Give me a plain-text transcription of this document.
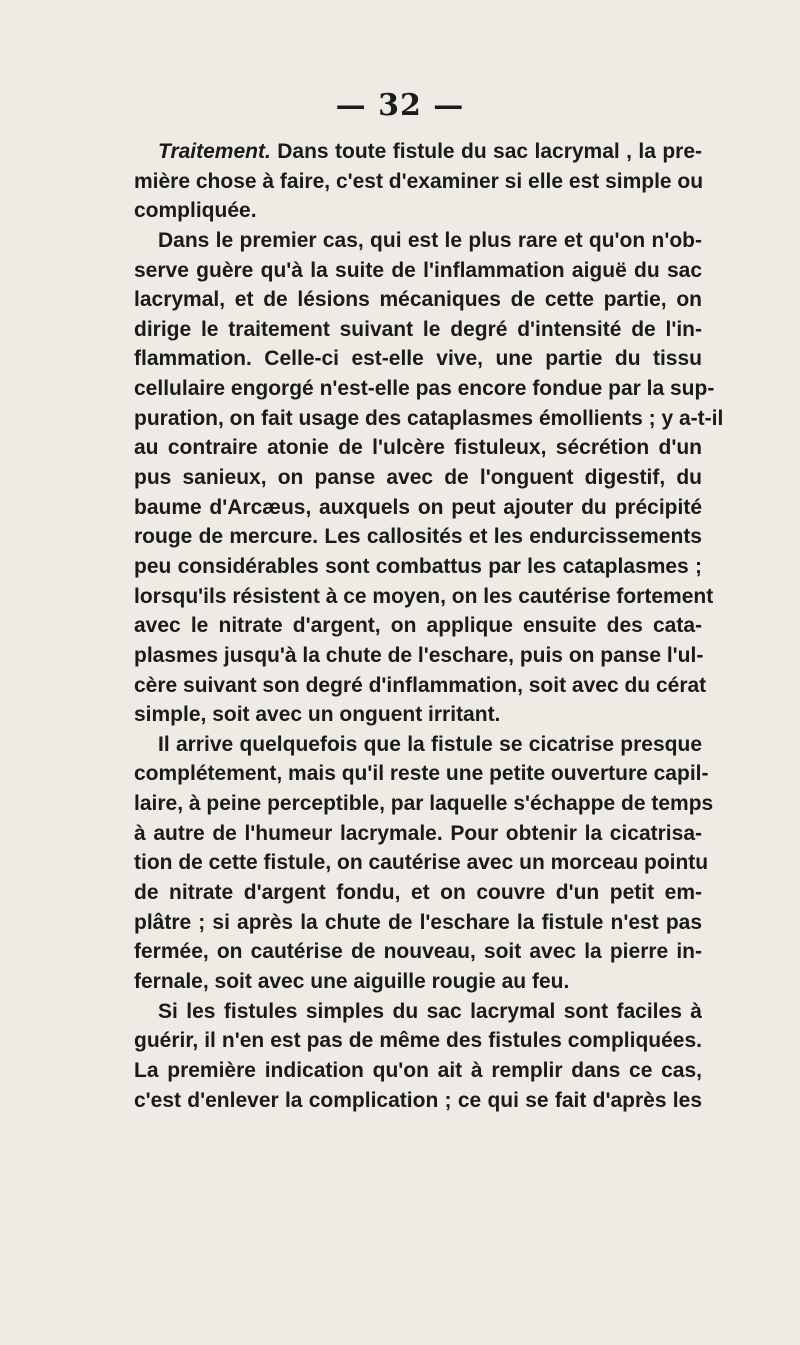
— 32 —
Traitement. Dans toute fistule du sac lacrymal , la pre-
mière chose à faire, c'est d'examiner si elle est simple ou
compliquée.
Dans le premier cas, qui est le plus rare et qu'on n'ob-
serve guère qu'à la suite de l'inflammation aiguë du sac
lacrymal, et de lésions mécaniques de cette partie, on
dirige le traitement suivant le degré d'intensité de l'in-
flammation. Celle-ci est-elle vive, une partie du tissu
cellulaire engorgé n'est-elle pas encore fondue par la sup-
puration, on fait usage des cataplasmes émollients ; y a-t-il
au contraire atonie de l'ulcère fistuleux, sécrétion d'un
pus sanieux, on panse avec de l'onguent digestif, du
baume d'Arcæus, auxquels on peut ajouter du précipité
rouge de mercure. Les callosités et les endurcissements
peu considérables sont combattus par les cataplasmes ;
lorsqu'ils résistent à ce moyen, on les cautérise fortement
avec le nitrate d'argent, on applique ensuite des cata-
plasmes jusqu'à la chute de l'eschare, puis on panse l'ul-
cère suivant son degré d'inflammation, soit avec du cérat
simple, soit avec un onguent irritant.
Il arrive quelquefois que la fistule se cicatrise presque
complétement, mais qu'il reste une petite ouverture capil-
laire, à peine perceptible, par laquelle s'échappe de temps
à autre de l'humeur lacrymale. Pour obtenir la cicatrisa-
tion de cette fistule, on cautérise avec un morceau pointu
de nitrate d'argent fondu, et on couvre d'un petit em-
plâtre ; si après la chute de l'eschare la fistule n'est pas
fermée, on cautérise de nouveau, soit avec la pierre in-
fernale, soit avec une aiguille rougie au feu.
Si les fistules simples du sac lacrymal sont faciles à
guérir, il n'en est pas de même des fistules compliquées.
La première indication qu'on ait à remplir dans ce cas,
c'est d'enlever la complication ; ce qui se fait d'après les
